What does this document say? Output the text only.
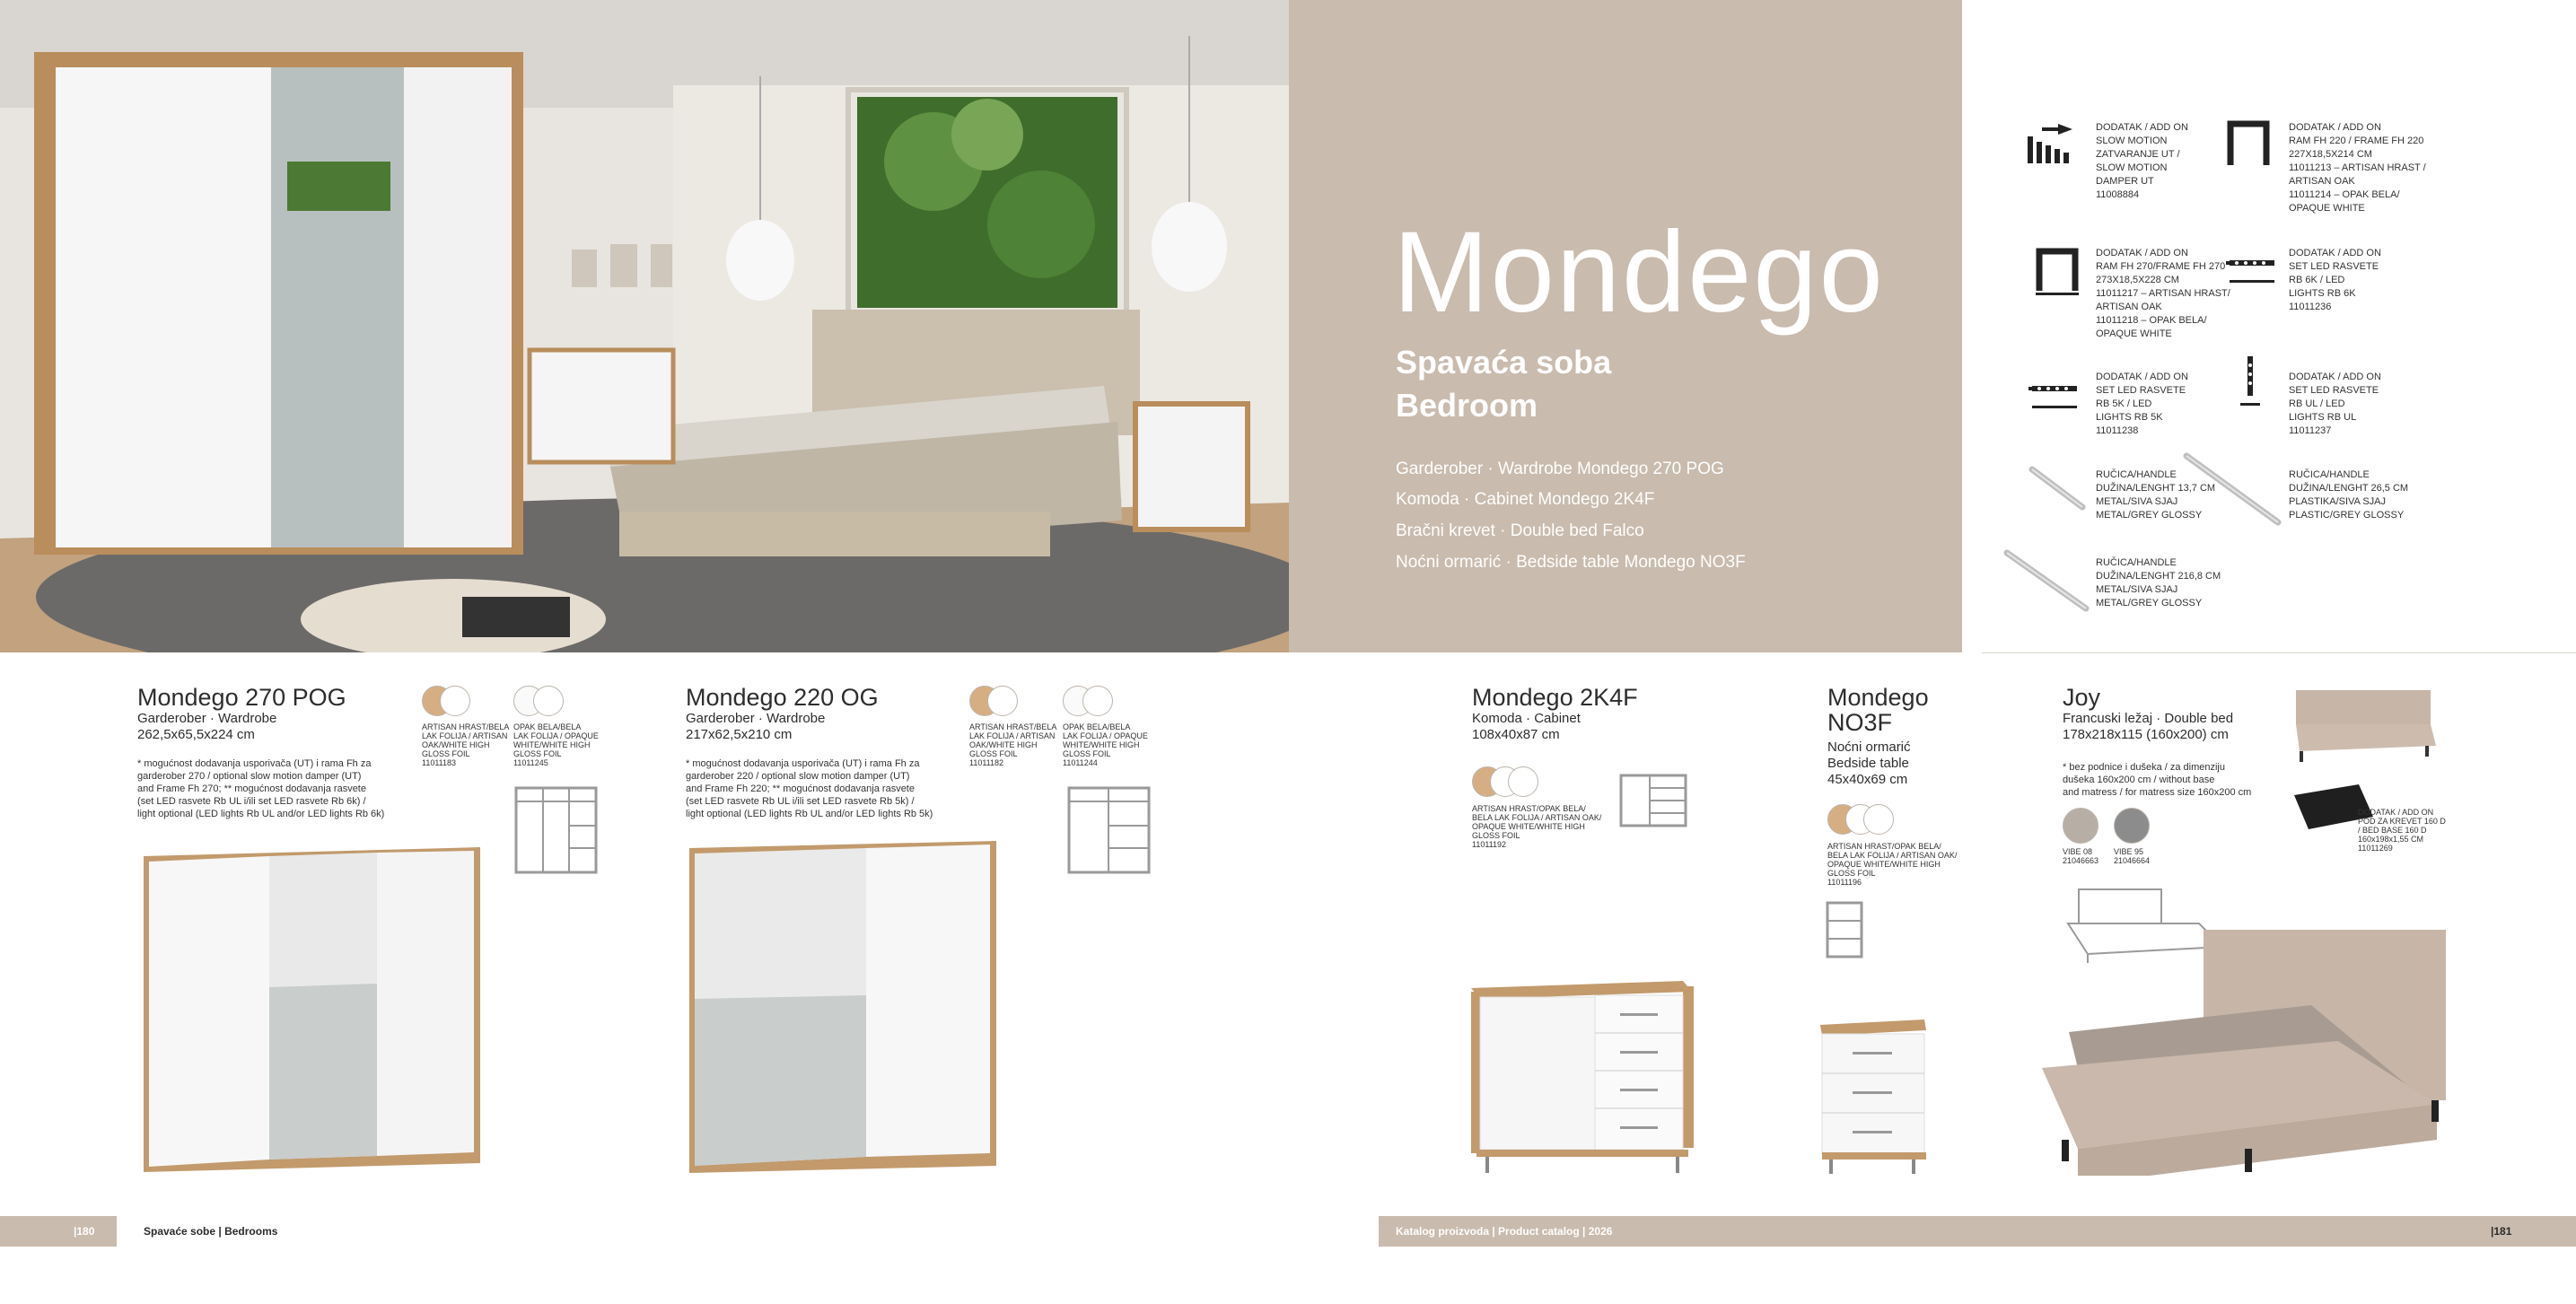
Mondego
Spavaća soba
Bedroom
Garderober · Wardrobe Mondego 270 POG
Komoda · Cabinet Mondego 2K4F
Bračni krevet · Double bed Falco
Noćni ormarić · Bedside table Mondego NO3F
DODATAK / ADD ON
SLOW MOTION
ZATVARANJE UT /
SLOW MOTION
DAMPER UT
11008884
DODATAK / ADD ON
RAM FH 220 / FRAME FH 220
227X18,5X214 CM
11011213 – ARTISAN HRAST /
ARTISAN OAK
11011214 – OPAK BELA/
OPAQUE WHITE
DODATAK / ADD ON
RAM FH 270/FRAME FH 270
273X18,5X228 CM
11011217 – ARTISAN HRAST/
ARTISAN OAK
11011218 – OPAK BELA/
OPAQUE WHITE
DODATAK / ADD ON
SET LED RASVETE
RB 6K / LED
LIGHTS RB 6K
11011236
DODATAK / ADD ON
SET LED RASVETE
RB 5K / LED
LIGHTS RB 5K
11011238
DODATAK / ADD ON
SET LED RASVETE
RB UL / LED
LIGHTS RB UL
11011237
RUČICA/HANDLE
DUŽINA/LENGHT 13,7 CM
METAL/SIVA SJAJ
METAL/GREY GLOSSY
RUČICA/HANDLE
DUŽINA/LENGHT 26,5 CM
PLASTIKA/SIVA SJAJ
PLASTIC/GREY GLOSSY
RUČICA/HANDLE
DUŽINA/LENGHT 216,8 CM
METAL/SIVA SJAJ
METAL/GREY GLOSSY
Mondego 270 POG
Garderober · Wardrobe
262,5x65,5x224 cm
* mogućnost dodavanja usporivača (UT) i rama Fh za
garderober 270 / optional slow motion damper (UT)
and Frame Fh 270; ** mogućnost dodavanja rasvete
(set LED rasvete Rb UL i/ili set LED rasvete Rb 6k) /
light optional (LED lights Rb UL and/or LED lights Rb 6k)
ARTISAN HRAST/BELA
LAK FOLIJA / ARTISAN
OAK/WHITE HIGH
GLOSS FOIL
11011183
OPAK BELA/BELA
LAK FOLIJA / OPAQUE
WHITE/WHITE HIGH
GLOSS FOIL
11011245
Mondego 220 OG
Garderober · Wardrobe
217x62,5x210 cm
* mogućnost dodavanja usporivača (UT) i rama Fh za
garderober 220 / optional slow motion damper (UT)
and Frame Fh 220; ** mogućnost dodavanja rasvete
(set LED rasvete Rb UL i/ili set LED rasvete Rb 5k) /
light optional (LED lights Rb UL and/or LED lights Rb 5k)
ARTISAN HRAST/BELA
LAK FOLIJA / ARTISAN
OAK/WHITE HIGH
GLOSS FOIL
11011182
OPAK BELA/BELA
LAK FOLIJA / OPAQUE
WHITE/WHITE HIGH
GLOSS FOIL
11011244
Mondego 2K4F
Komoda · Cabinet
108x40x87 cm
ARTISAN HRAST/OPAK BELA/
BELA LAK FOLIJA / ARTISAN OAK/
OPAQUE WHITE/WHITE HIGH
GLOSS FOIL
11011192
Mondego
NO3F
Noćni ormarić
Bedside table
45x40x69 cm
ARTISAN HRAST/OPAK BELA/
BELA LAK FOLIJA / ARTISAN OAK/
OPAQUE WHITE/WHITE HIGH
GLOSS FOIL
11011196
Joy
Francuski ležaj · Double bed
178x218x115 (160x200) cm
* bez podnice i dušeka / za dimenziju
dušeka 160x200 cm / without base
and matress / for matress size 160x200 cm
VIBE 08
21046663
VIBE 95
21046664
DODATAK / ADD ON
POD ZA KREVET 160 D
/ BED BASE 160 D
160x198x1,55 CM
11011269
|180	Spavaće sobe | Bedrooms	Katalog proizvoda | Product catalog | 2026	|181
